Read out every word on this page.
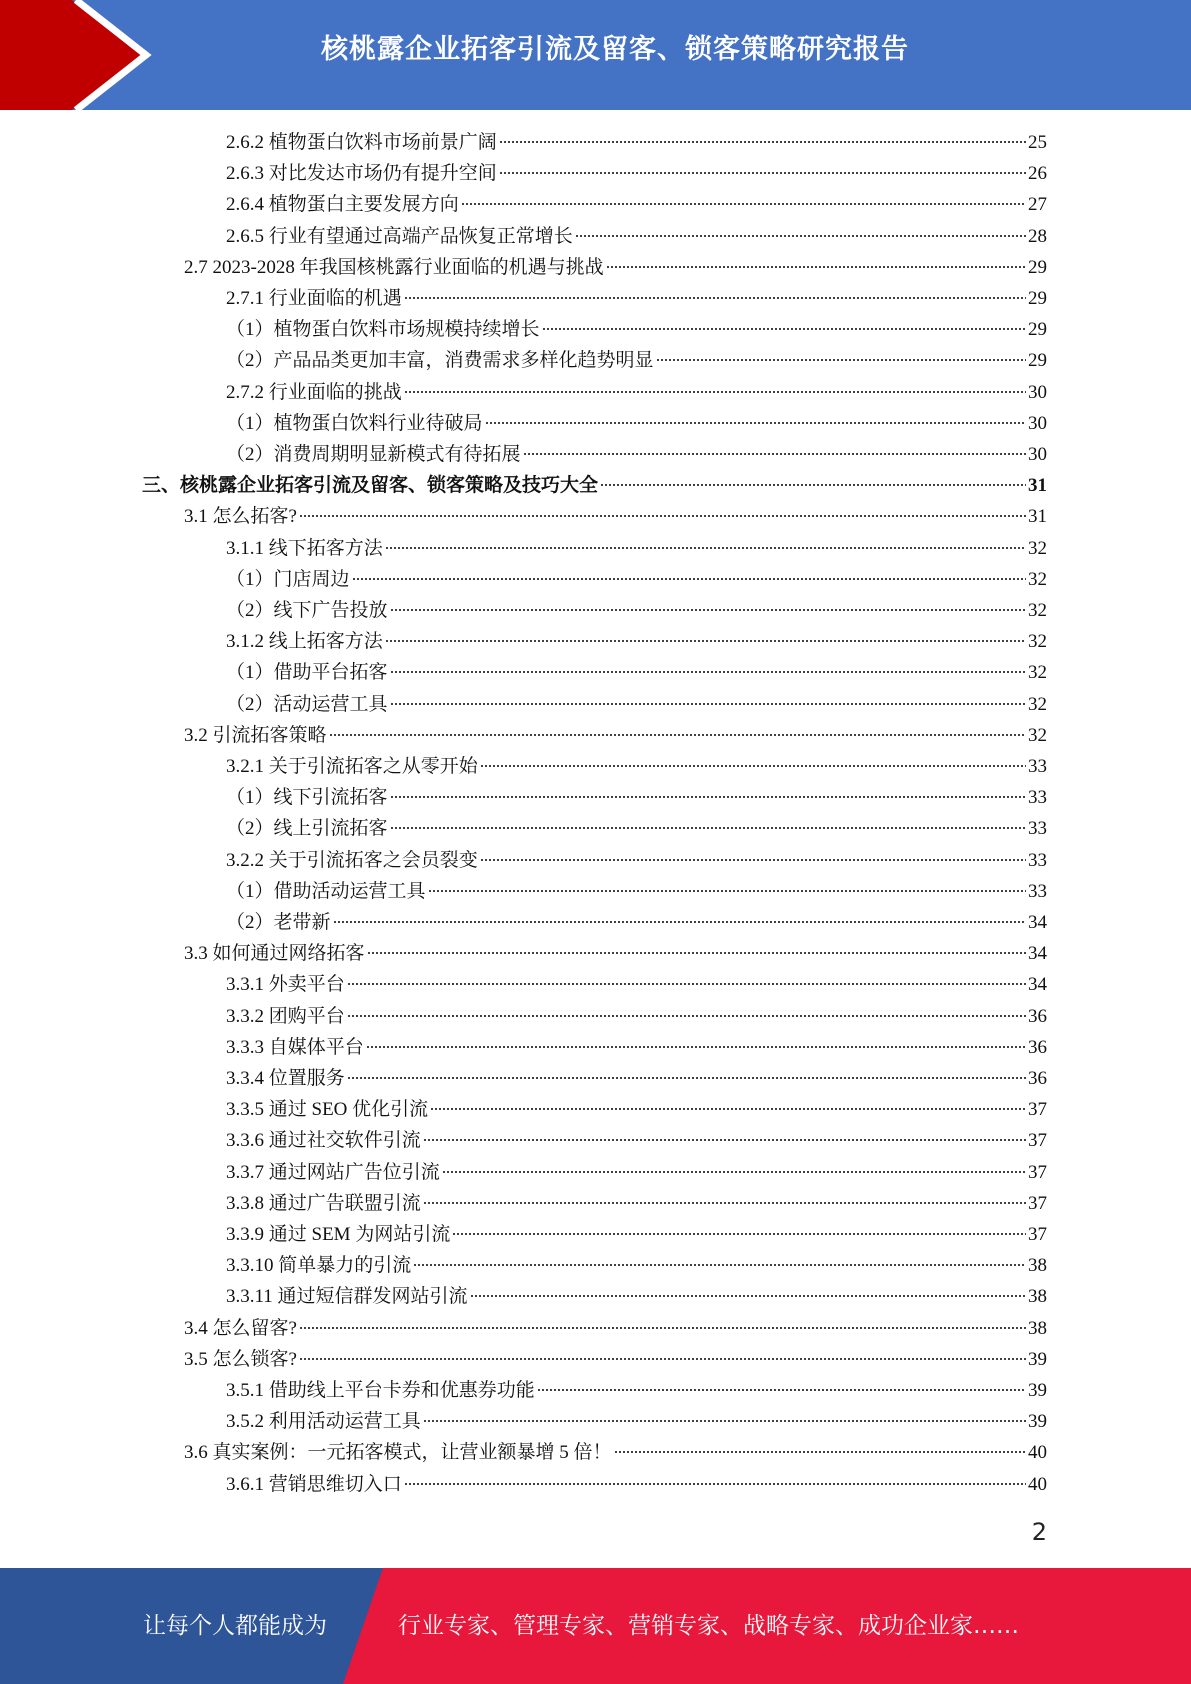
核桃露企业拓客引流及留客、锁客策略研究报告
2.6.2 植物蛋白饮料市场前景广阔	25
2.6.3 对比发达市场仍有提升空间	26
2.6.4 植物蛋白主要发展方向	27
2.6.5 行业有望通过高端产品恢复正常增长	28
2.7 2023-2028 年我国核桃露行业面临的机遇与挑战	29
2.7.1 行业面临的机遇	29
（1）植物蛋白饮料市场规模持续增长	29
（2）产品品类更加丰富，消费需求多样化趋势明显	29
2.7.2 行业面临的挑战	30
（1）植物蛋白饮料行业待破局	30
（2）消费周期明显新模式有待拓展	30
三、核桃露企业拓客引流及留客、锁客策略及技巧大全	31
3.1 怎么拓客?	31
3.1.1 线下拓客方法	32
（1）门店周边	32
（2）线下广告投放	32
3.1.2 线上拓客方法	32
（1）借助平台拓客	32
（2）活动运营工具	32
3.2 引流拓客策略	32
3.2.1 关于引流拓客之从零开始	33
（1）线下引流拓客	33
（2）线上引流拓客	33
3.2.2 关于引流拓客之会员裂变	33
（1）借助活动运营工具	33
（2）老带新	34
3.3 如何通过网络拓客	34
3.3.1 外卖平台	34
3.3.2 团购平台	36
3.3.3 自媒体平台	36
3.3.4 位置服务	36
3.3.5 通过 SEO 优化引流	37
3.3.6 通过社交软件引流	37
3.3.7 通过网站广告位引流	37
3.3.8 通过广告联盟引流	37
3.3.9 通过 SEM 为网站引流	37
3.3.10 简单暴力的引流	38
3.3.11 通过短信群发网站引流	38
3.4 怎么留客?	38
3.5 怎么锁客?	39
3.5.1 借助线上平台卡券和优惠券功能	39
3.5.2 利用活动运营工具	39
3.6 真实案例：一元拓客模式，让营业额暴增 5 倍！	40
3.6.1 营销思维切入口	40
2
让每个人都能成为	行业专家、管理专家、营销专家、战略专家、成功企业家……
